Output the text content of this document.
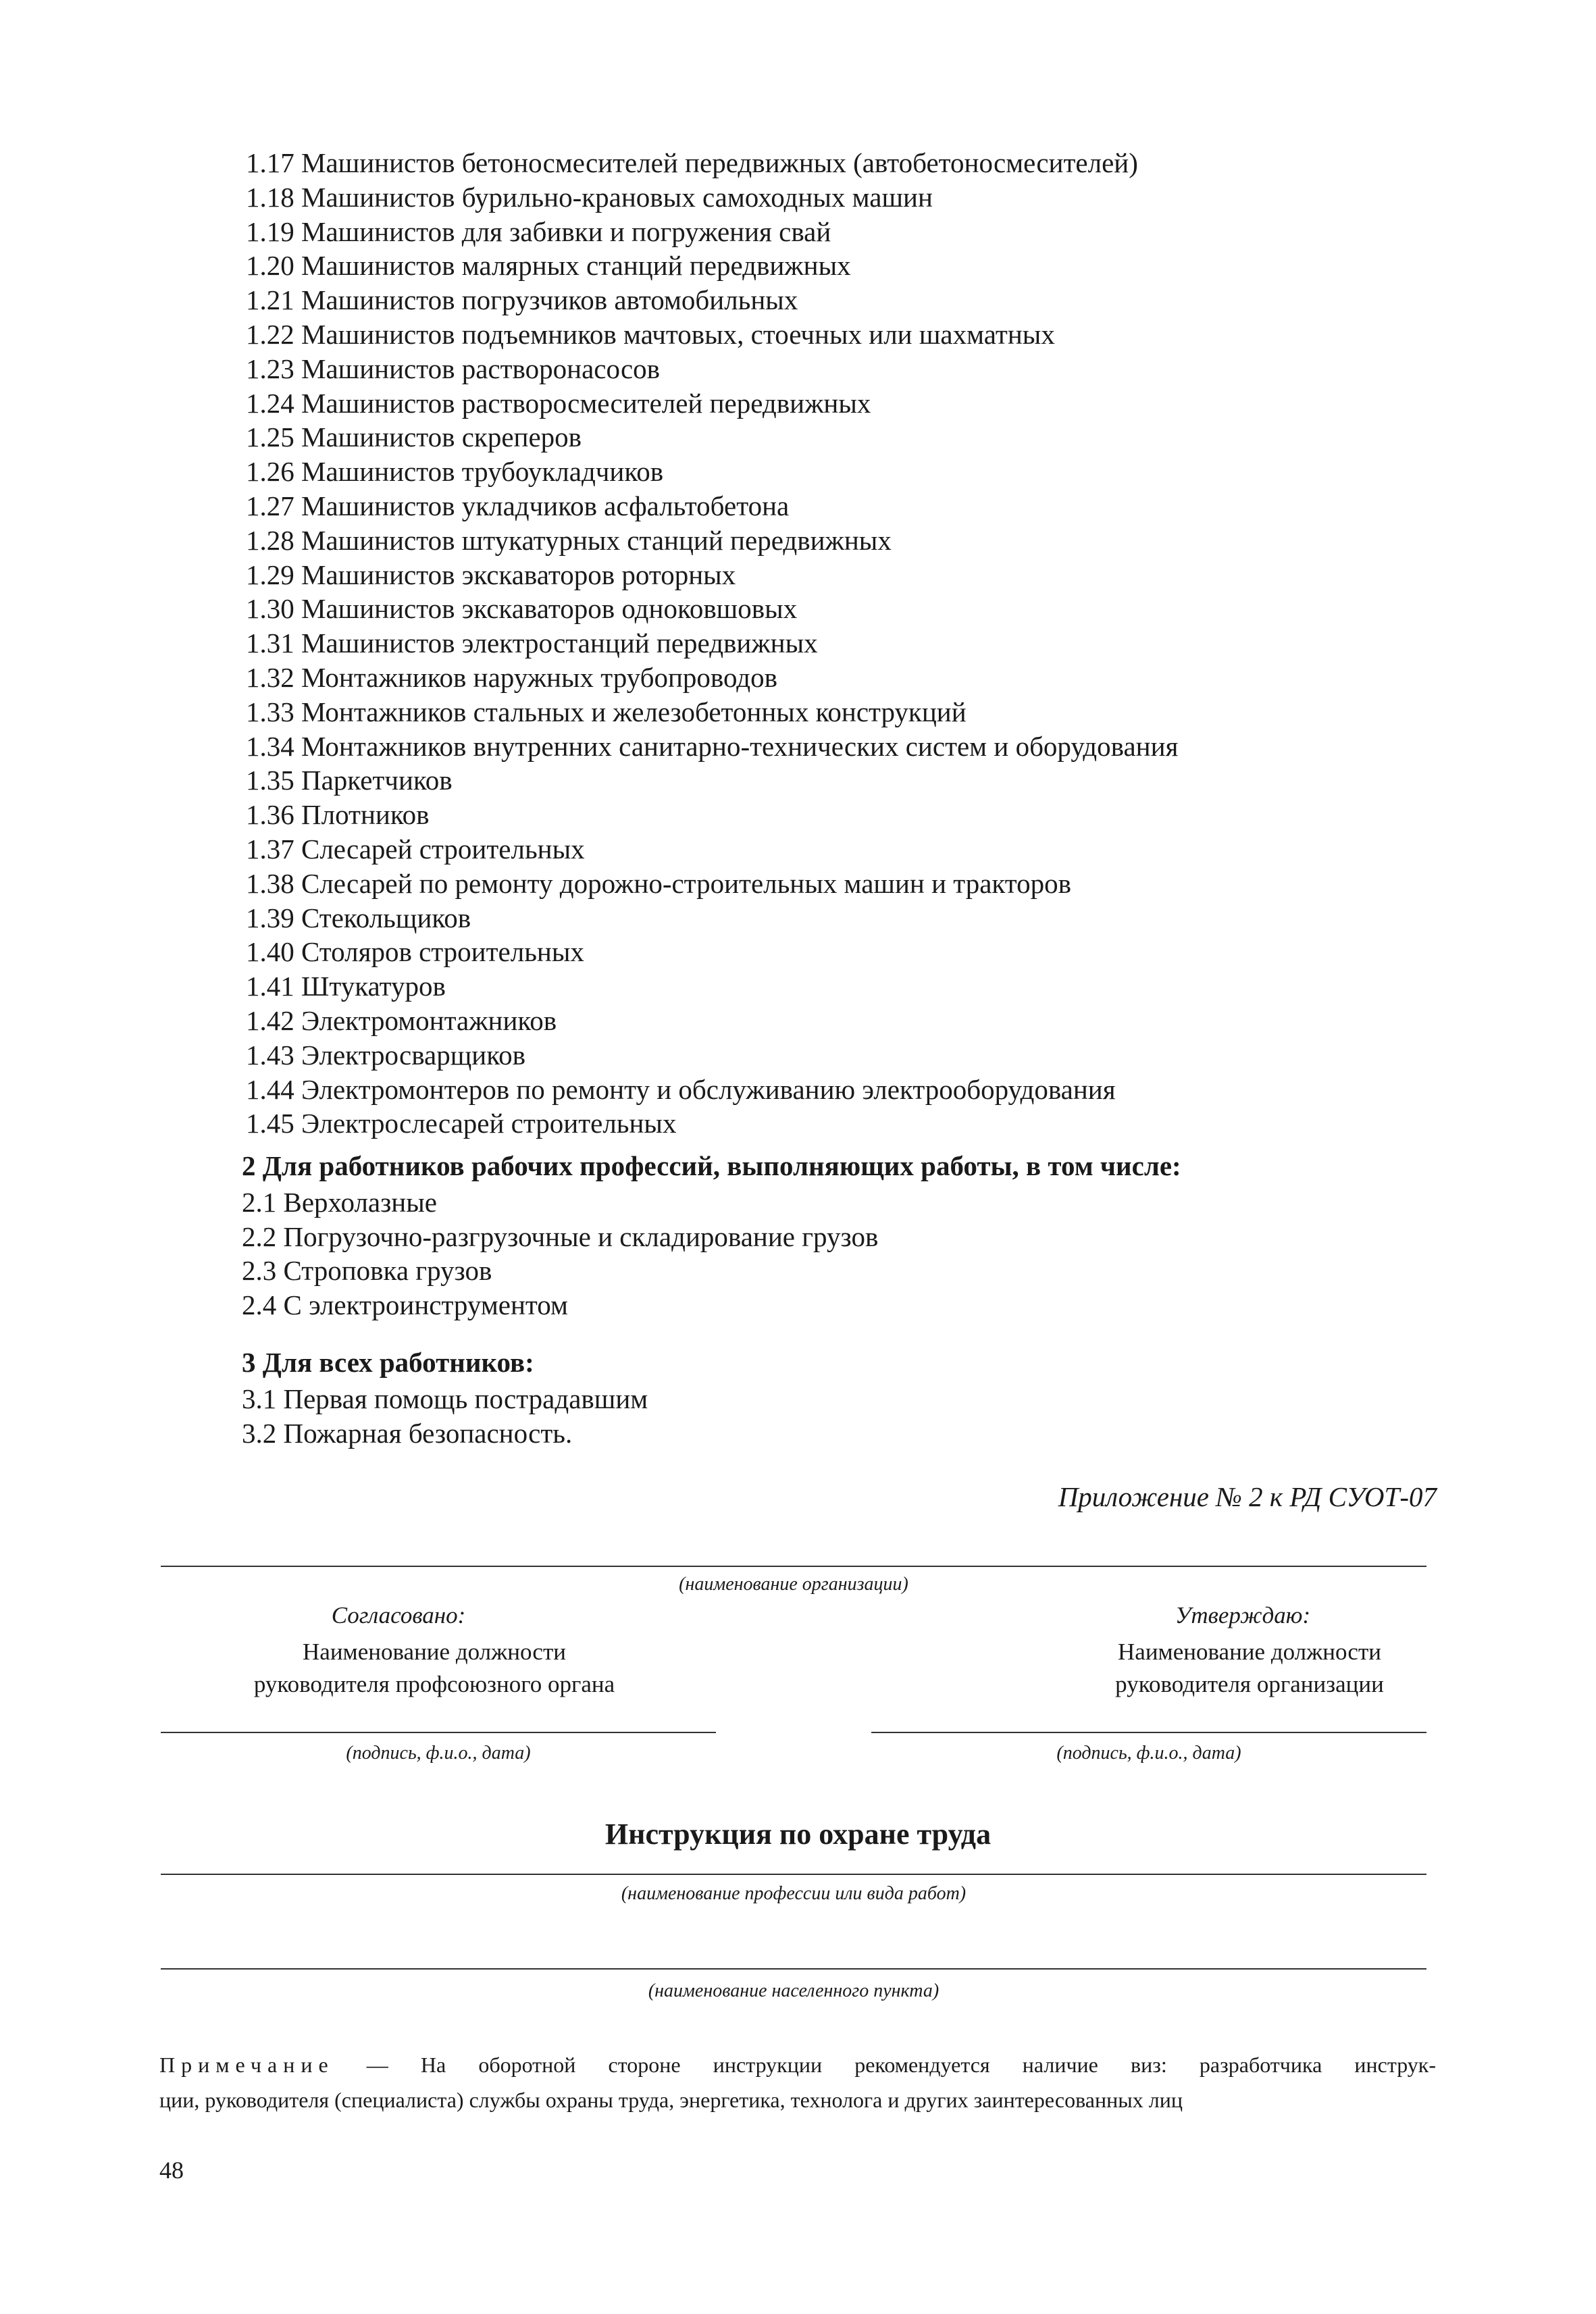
1.17 Машинистов бетоносмесителей передвижных (автобетоносмесителей)
1.18 Машинистов бурильно-крановых самоходных машин
1.19 Машинистов для забивки и погружения свай
1.20 Машинистов малярных станций передвижных
1.21 Машинистов погрузчиков автомобильных
1.22 Машинистов подъемников мачтовых, стоечных или шахматных
1.23 Машинистов растворонасосов
1.24 Машинистов растворосмесителей передвижных
1.25 Машинистов скреперов
1.26 Машинистов трубоукладчиков
1.27 Машинистов укладчиков асфальтобетона
1.28 Машинистов штукатурных станций передвижных
1.29 Машинистов экскаваторов роторных
1.30 Машинистов экскаваторов одноковшовых
1.31 Машинистов электростанций передвижных
1.32 Монтажников наружных трубопроводов
1.33 Монтажников стальных и железобетонных конструкций
1.34 Монтажников внутренних санитарно-технических систем и оборудования
1.35 Паркетчиков
1.36 Плотников
1.37 Слесарей строительных
1.38 Слесарей по ремонту дорожно-строительных машин и тракторов
1.39 Стекольщиков
1.40 Столяров строительных
1.41 Штукатуров
1.42 Электромонтажников
1.43 Электросварщиков
1.44 Электромонтеров по ремонту и обслуживанию электрооборудования
1.45 Электрослесарей строительных
2 Для работников рабочих профессий, выполняющих работы, в том числе:
2.1 Верхолазные
2.2 Погрузочно-разгрузочные и складирование грузов
2.3 Строповка грузов
2.4 С электроинструментом
3 Для всех работников:
3.1 Первая помощь пострадавшим
3.2 Пожарная безопасность.
Приложение № 2 к РД СУОТ-07
(наименование организации)
Согласовано:
Наименование должности
руководителя профсоюзного органа
(подпись, ф.и.о., дата)
Утверждаю:
Наименование должности
руководителя организации
(подпись, ф.и.о., дата)
Инструкция по охране труда
(наименование профессии или вида работ)
(наименование населенного пункта)
Примечание — На оборотной стороне инструкции рекомендуется наличие виз: разработчика инструк-
ции, руководителя (специалиста) службы охраны труда, энергетика, технолога и других заинтересованных лиц
48
